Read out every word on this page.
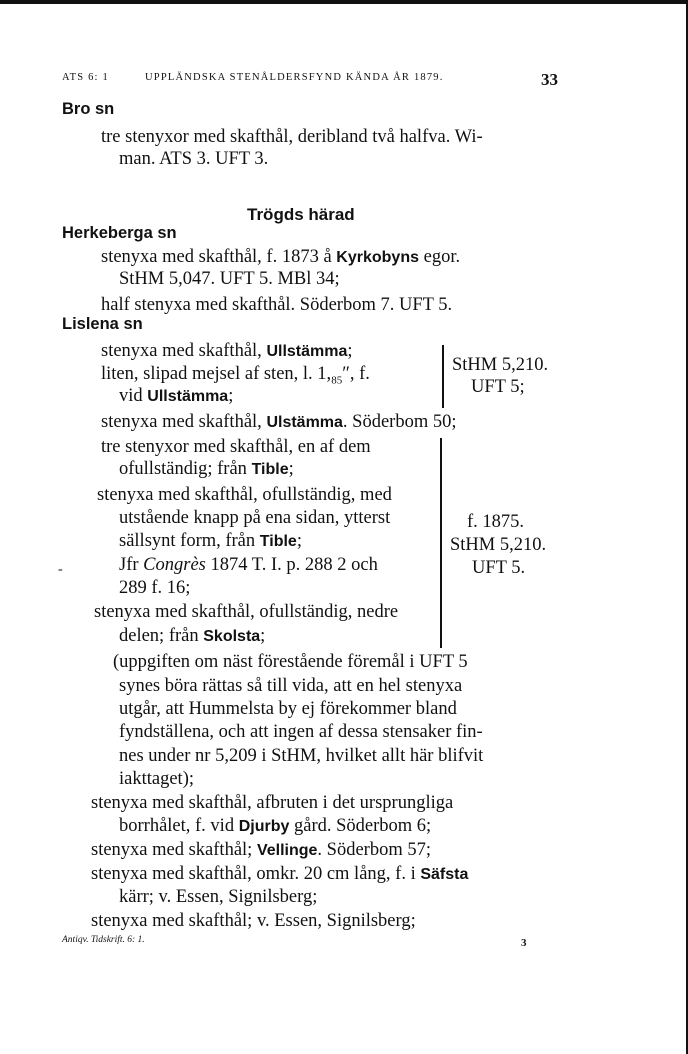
ATS 6: 1	UPPLÄNDSKA STENÅLDERSFYND KÄNDA ÅR 1879.	33
Bro sn
tre stenyxor med skafthål, deribland två halfva. Wi-
man. ATS 3. UFT 3.
Trögds härad
Herkeberga sn
stenyxa med skafthål, f. 1873 å Kyrkobyns egor.
StHM 5,047. UFT 5. MBl 34;
half stenyxa med skafthål. Söderbom 7. UFT 5.
Lislena sn
stenyxa med skafthål, Ullstämma;
liten, slipad mejsel af sten, l. $1,_{85}''$, f.
vid Ullstämma;
StHM 5,210.
UFT 5;
stenyxa med skafthål, Ulstämma. Söderbom 50;
tre stenyxor med skafthål, en af dem
ofullständig; från Tible;
stenyxa med skafthål, ofullständig, med
utstående knapp på ena sidan, ytterst
sällsynt form, från Tible;
Jfr Congrès 1874 T. I. p. 288 2 och
289 f. 16;
stenyxa med skafthål, ofullständig, nedre
delen; från Skolsta;
f. 1875.
StHM 5,210.
UFT 5.
-
(uppgiften om näst förestående föremål i UFT 5
synes böra rättas så till vida, att en hel stenyxa
utgår, att Hummelsta by ej förekommer bland
fyndställena, och att ingen af dessa stensaker fin-
nes under nr 5,209 i StHM, hvilket allt här blifvit
iakttaget);
stenyxa med skafthål, afbruten i det ursprungliga
borrhålet, f. vid Djurby gård. Söderbom 6;
stenyxa med skafthål; Vellinge. Söderbom 57;
stenyxa med skafthål, omkr. 20 cm lång, f. i Säfsta
kärr; v. Essen, Signilsberg;
stenyxa med skafthål; v. Essen, Signilsberg;
Antiqv. Tidskrift. 6: 1.	3
